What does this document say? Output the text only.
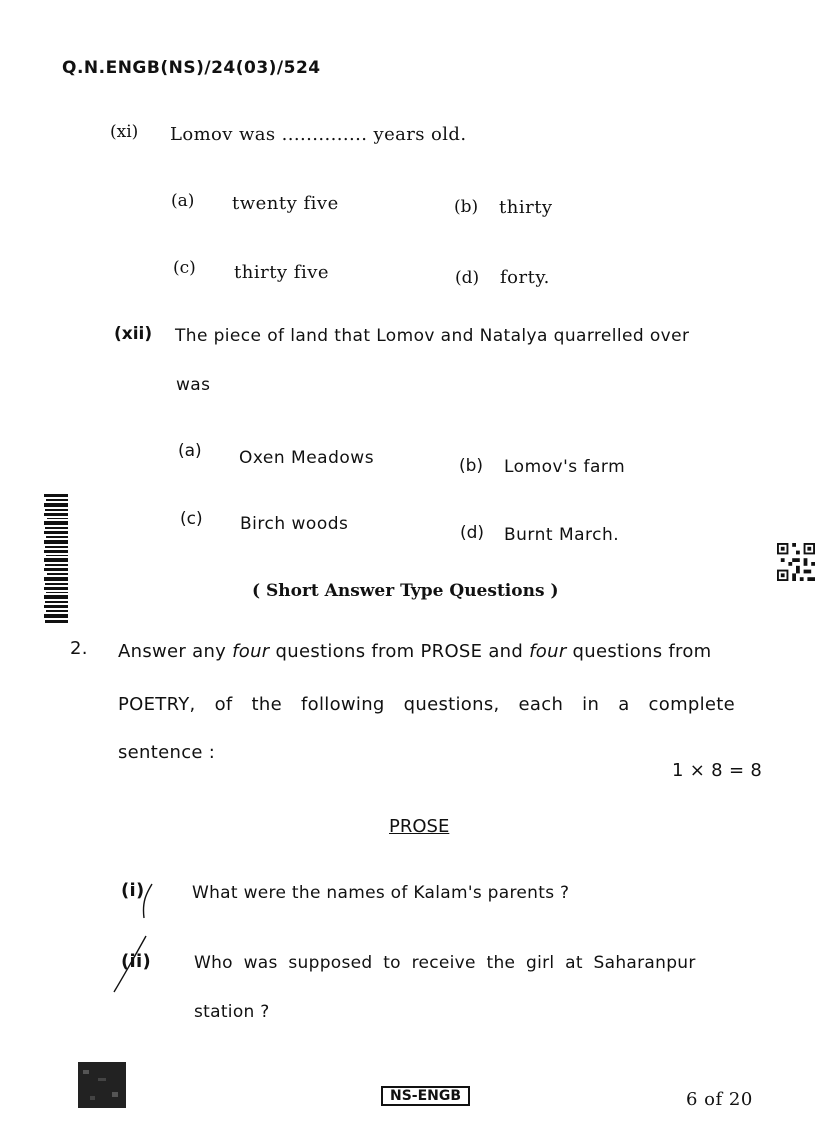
Q.N.ENGB(NS)/24(03)/524
(xi) Lomov was .............. years old.
(a) twenty five	(b) thirty
(c) thirty five	(d) forty.
(xii) The piece of land that Lomov and Natalya quarrelled over
was
(a) Oxen Meadows	(b) Lomov's farm
(c) Birch woods	(d) Burnt March.
( Short Answer Type Questions )
2. Answer any four questions from PROSE and four questions from
POETRY, of the following questions, each in a complete
sentence :
1 × 8 = 8
PROSE
(i)	What were the names of Kalam's parents ?
(ii)	Who was supposed to receive the girl at Saharanpur
station ?
NS-ENGB	6 of 20
